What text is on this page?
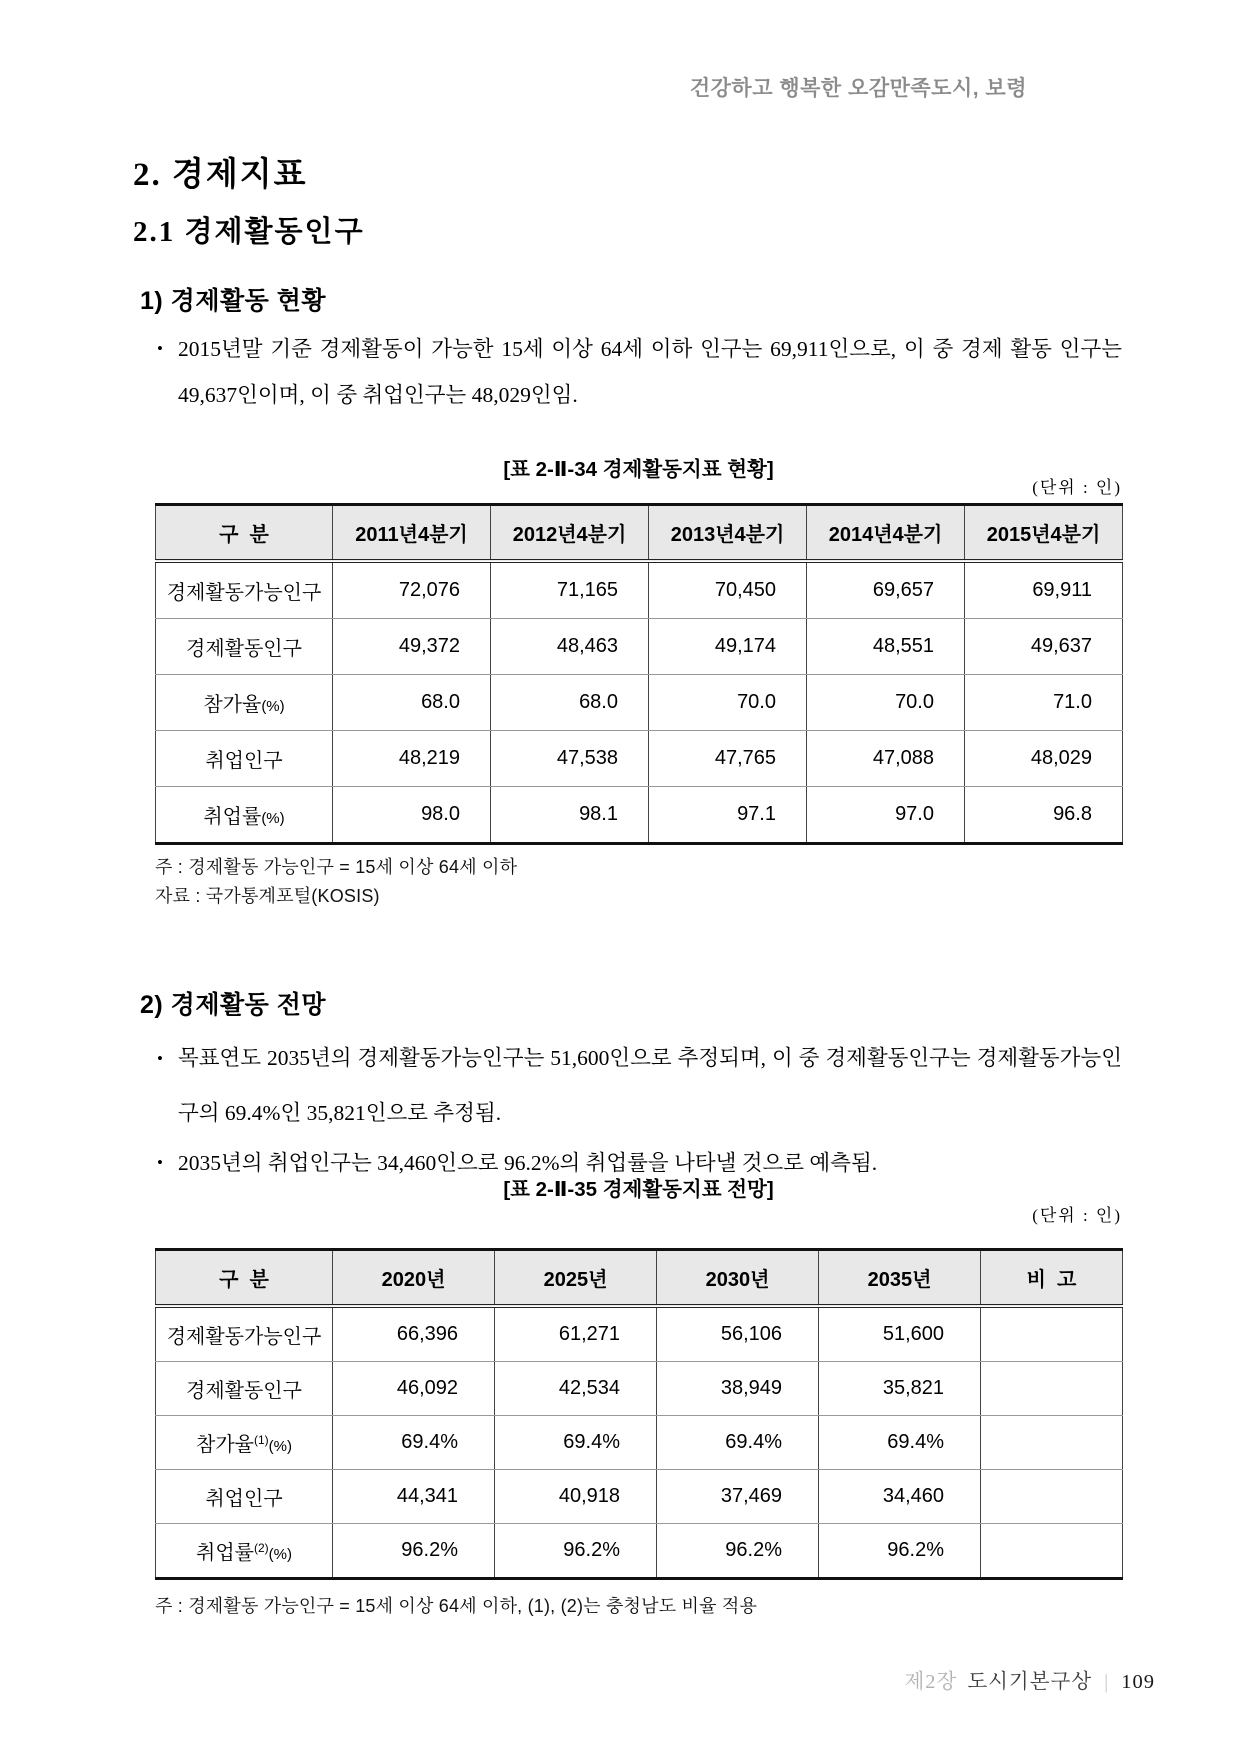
건강하고 행복한 오감만족도시, 보령
2. 경제지표
2.1 경제활동인구
1) 경제활동 현황
• 2015년말 기준 경제활동이 가능한 15세 이상 64세 이하 인구는 69,911인으로, 이 중 경제 활동 인구는 49,637인이며, 이 중 취업인구는 48,029인임.
[표 2-Ⅱ-34 경제활동지표 현황]
(단위 : 인)
구  분	2011년4분기	2012년4분기	2013년4분기	2014년4분기	2015년4분기
경제활동가능인구	72,076	71,165	70,450	69,657	69,911
경제활동인구	49,372	48,463	49,174	48,551	49,637
참가율(%)	68.0	68.0	70.0	70.0	71.0
취업인구	48,219	47,538	47,765	47,088	48,029
취업률(%)	98.0	98.1	97.1	97.0	96.8
주 : 경제활동 가능인구 = 15세 이상 64세 이하
자료 : 국가통계포털(KOSIS)
2) 경제활동 전망
• 목표연도 2035년의 경제활동가능인구는 51,600인으로 추정되며, 이 중 경제활동인구는 경제활동가능인구의 69.4%인 35,821인으로 추정됨.
• 2035년의 취업인구는 34,460인으로 96.2%의 취업률을 나타낼 것으로 예측됨.
[표 2-Ⅱ-35 경제활동지표 전망]
(단위 : 인)
구  분	2020년	2025년	2030년	2035년	비  고
경제활동가능인구	66,396	61,271	56,106	51,600	
경제활동인구	46,092	42,534	38,949	35,821	
참가율$^{(1)}$(%)	69.4%	69.4%	69.4%	69.4%	
취업인구	44,341	40,918	37,469	34,460	
취업률$^{(2)}$(%)	96.2%	96.2%	96.2%	96.2%	
주 : 경제활동 가능인구 = 15세 이상 64세 이하, (1), (2)는 충청남도 비율 적용
제2장 도시기본구상 | 109
